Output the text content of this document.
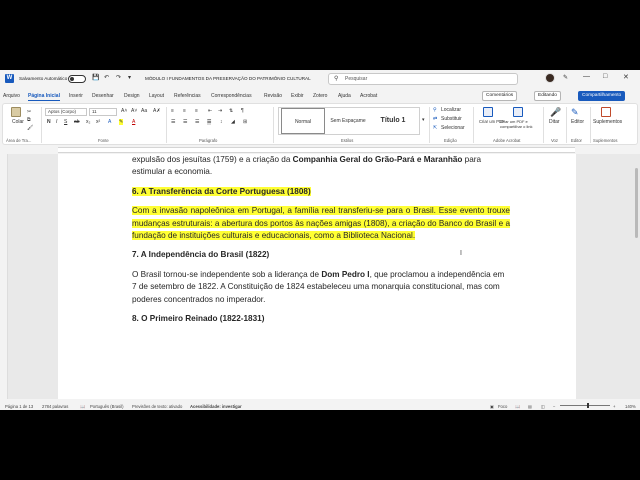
W	Salvamento Automático	💾 ↶ ↷ ▾	MÓDULO I FUNDAMENTOS DA PRESERVAÇÃO DO PATRIMÔNIO CULTURAL	⚲ Pesquisar	✎ — □ ✕
Arquivo Página Inicial Inserir Desenhar Design Layout Referências Correspondências Revisão Exibir Zotero Ajuda Acrobat	Comentários	Editando	Compartilhamento
Colar
✂
⧉
🖌
Área de Tra...
Aptos (Corpo)	11	A˄ A˅ Aa A✗
N I S ab x₂ x² A ✎ A
Fonte
≡ ≡ ≡ ⇤ ⇥ ⇅ ¶
☰ ☰ ☰ ☰ ↕ ◢ ⊞
Parágrafo
Normal	Sem Espaçame	Título 1	▾
Estilos
⚲ Localizar
⇄ Substituir
⇱ Selecionar
Edição
Criar um PDF
Criar um PDF e compartilhar o link
Adobe Acrobat
🎤
Ditar
Voz
✎
Editor
Editor
Suplementos
Suplementos

expulsão dos jesuítas (1759) e a criação da Companhia Geral do Grão-Pará e Maranhão para estimular a economia.

6. A Transferência da Corte Portuguesa (1808)

Com a invasão napoleônica em Portugal, a família real transferiu-se para o Brasil. Esse evento trouxe mudanças estruturais: a abertura dos portos às nações amigas (1808), a criação do Banco do Brasil e a fundação de instituições culturais e educacionais, como a Biblioteca Nacional.

7. A Independência do Brasil (1822)

O Brasil tornou-se independente sob a liderança de Dom Pedro I, que proclamou a independência em 7 de setembro de 1822. A Constituição de 1824 estabeleceu uma monarquia constitucional, mas com poderes concentrados no imperador.

8. O Primeiro Reinado (1822-1831)

I
Página 1 de 13 2784 palavras	📖 Português (Brasil) Previsões de texto: ativado Acessibilidade: investigar	▣ Foco 📖 ▤ ◫ −	+ 140%
